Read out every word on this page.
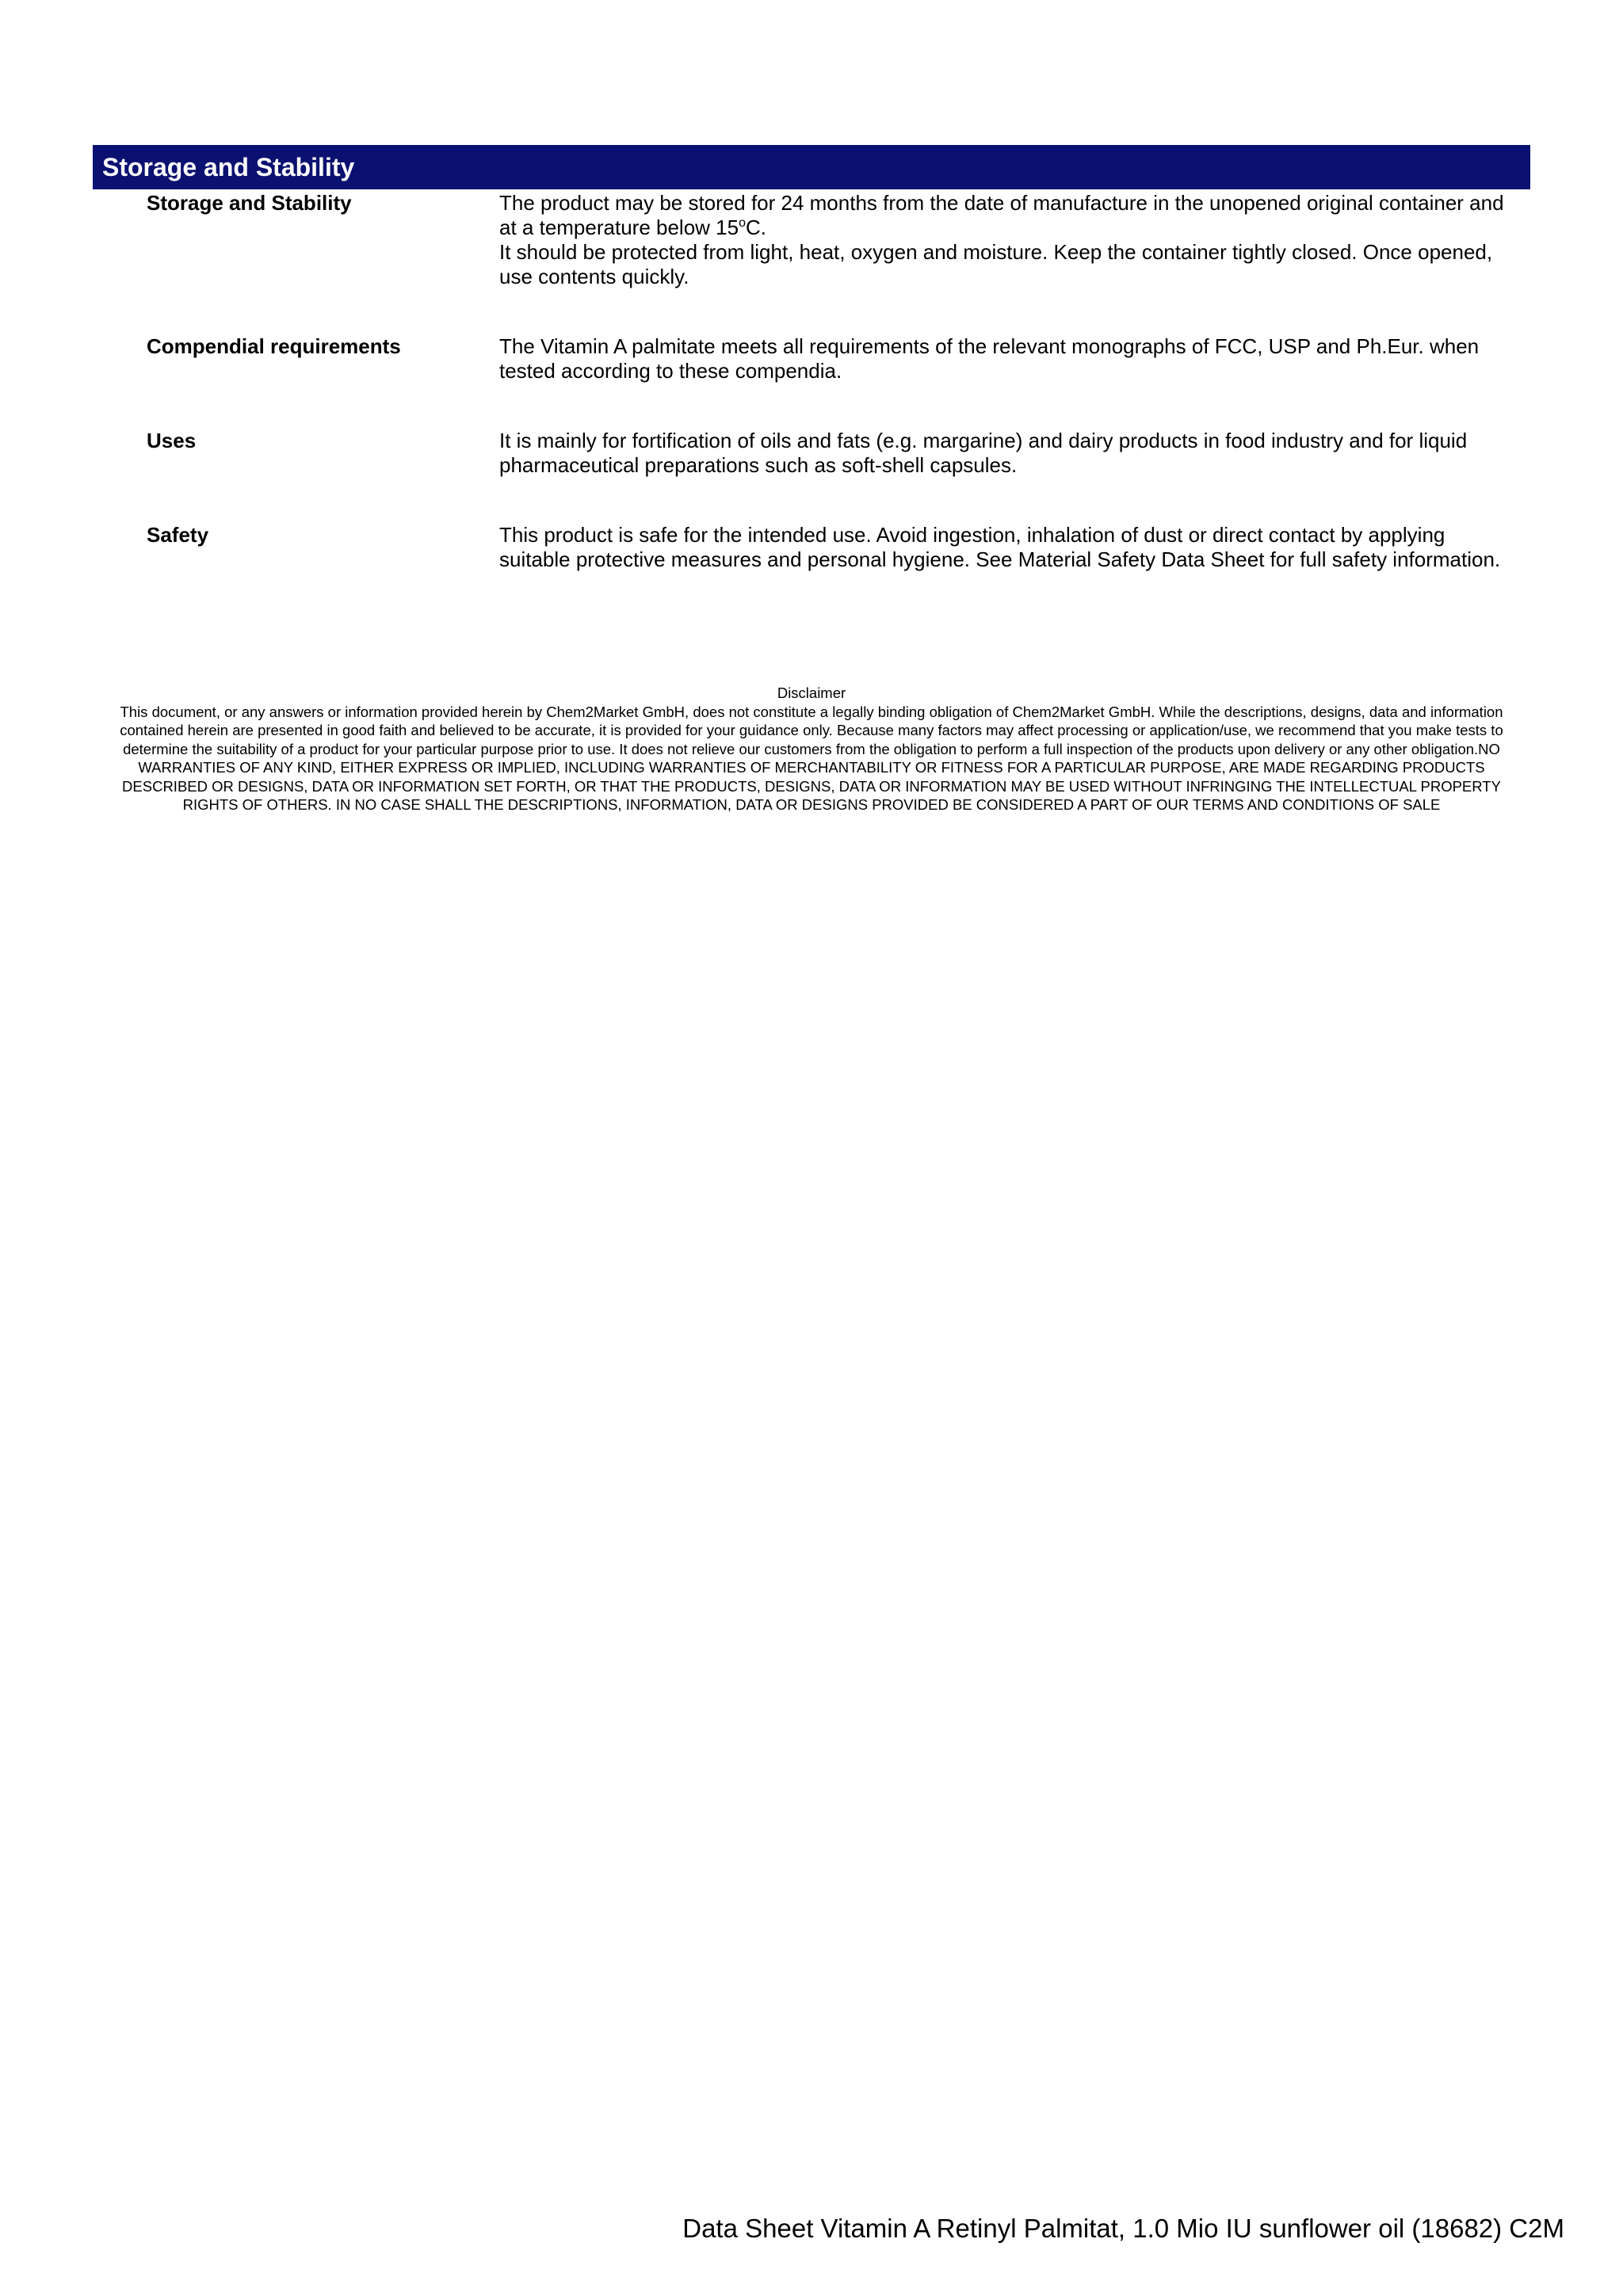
Storage and Stability
Storage and Stability	The product may be stored for 24 months from the date of manufacture in the unopened original container and at a temperature below 15$^o$C.

It should be protected from light, heat, oxygen and moisture. Keep the container tightly closed. Once opened, use contents quickly.

Compendial requirements	The Vitamin A palmitate meets all requirements of the relevant monographs of FCC, USP and Ph.Eur. when tested according to these compendia.
Uses	It is mainly for fortification of oils and fats (e.g. margarine) and dairy products in food industry and for liquid pharmaceutical preparations such as soft-shell capsules.
Safety	This product is safe for the intended use. Avoid ingestion, inhalation of dust or direct contact by applying suitable protective measures and personal hygiene. See Material Safety Data Sheet for full safety information.
Disclaimer
This document, or any answers or information provided herein by Chem2Market GmbH, does not constitute a legally binding obligation of Chem2Market GmbH. While the descriptions, designs, data and information contained herein are presented in good faith and believed to be accurate, it is provided for your guidance only. Because many factors may affect processing or application/use, we recommend that you make tests to determine the suitability of a product for your particular purpose prior to use. It does not relieve our customers from the obligation to perform a full inspection of the products upon delivery or any other obligation.NO WARRANTIES OF ANY KIND, EITHER EXPRESS OR IMPLIED, INCLUDING WARRANTIES OF MERCHANTABILITY OR FITNESS FOR A PARTICULAR PURPOSE, ARE MADE REGARDING PRODUCTS DESCRIBED OR DESIGNS, DATA OR INFORMATION SET FORTH, OR THAT THE PRODUCTS, DESIGNS, DATA OR INFORMATION MAY BE USED WITHOUT INFRINGING THE INTELLECTUAL PROPERTY RIGHTS OF OTHERS. IN NO CASE SHALL THE DESCRIPTIONS, INFORMATION, DATA OR DESIGNS PROVIDED BE CONSIDERED A PART OF OUR TERMS AND CONDITIONS OF SALE
Data Sheet Vitamin A Retinyl Palmitat, 1.0 Mio IU sunflower oil (18682) C2M
